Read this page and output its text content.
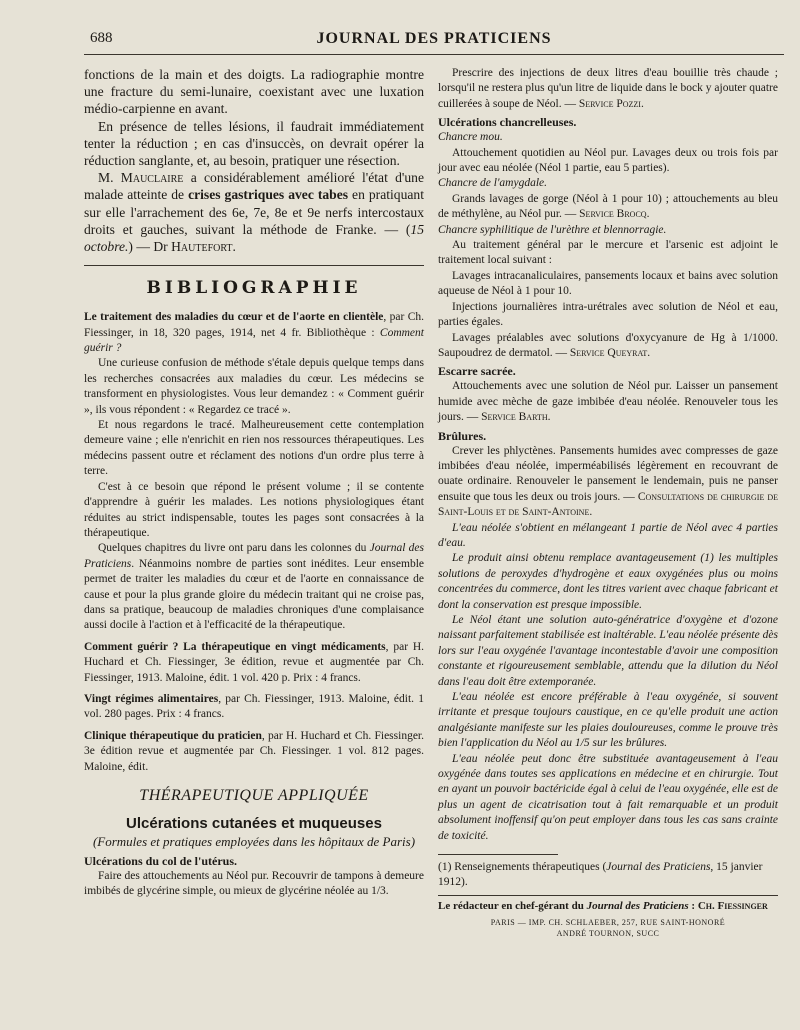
688	JOURNAL DES PRATICIENS

fonctions de la main et des doigts. La radiographie montre une fracture du semi-lunaire, coexistant avec une luxation médio-carpienne en avant.

En présence de telles lésions, il faudrait immédiatement tenter la réduction ; en cas d'insuccès, on devrait opérer la réduction sanglante, et, au besoin, pratiquer une résection.

M. Mauclaire a considérablement amélioré l'état d'une malade atteinte de crises gastriques avec tabes en pratiquant sur elle l'arrachement des 6e, 7e, 8e et 9e nerfs intercostaux droits et gauches, suivant la méthode de Franke. — (15 octobre.) — Dr Hautefort.

BIBLIOGRAPHIE

Le traitement des maladies du cœur et de l'aorte en clientèle, par Ch. Fiessinger, in 18, 320 pages, 1914, net 4 fr. Bibliothèque : Comment guérir ?

Une curieuse confusion de méthode s'étale depuis quelque temps dans les recherches consacrées aux maladies du cœur. Les médecins se transforment en physiologistes. Vous leur demandez : « Comment guérir », ils vous répondent : « Regardez ce tracé ».

Et nous regardons le tracé. Malheureusement cette contemplation demeure vaine ; elle n'enrichit en rien nos ressources thérapeutiques. Les médecins passent outre et réclament des notions d'un ordre plus terre à terre.

C'est à ce besoin que répond le présent volume ; il se contente d'apprendre à guérir les malades. Les notions physiologiques étant réduites au strict indispensable, toutes les pages sont consacrées à la thérapeutique.

Quelques chapitres du livre ont paru dans les colonnes du Journal des Praticiens. Néanmoins nombre de parties sont inédites. Leur ensemble permet de traiter les maladies du cœur et de l'aorte en connaissance de cause et pour la plus grande gloire du médecin traitant qui ne croise pas, dans sa pratique, beaucoup de maladies chroniques d'une complaisance aussi docile à l'action et à l'efficacité de la thérapeutique.

Comment guérir ? La thérapeutique en vingt médicaments, par H. Huchard et Ch. Fiessinger, 3e édition, revue et augmentée par Ch. Fiessinger, 1913. Maloine, édit. 1 vol. 420 p. Prix : 4 francs.

Vingt régimes alimentaires, par Ch. Fiessinger, 1913. Maloine, édit. 1 vol. 280 pages. Prix : 4 francs.

Clinique thérapeutique du praticien, par H. Huchard et Ch. Fiessinger. 3e édition revue et augmentée par Ch. Fiessinger. 1 vol. 812 pages. Maloine, édit.

THÉRAPEUTIQUE APPLIQUÉE
Ulcérations cutanées et muqueuses
(Formules et pratiques employées dans les hôpitaux de Paris)
Ulcérations du col de l'utérus.

Faire des attouchements au Néol pur. Recouvrir de tampons à demeure imbibés de glycérine simple, ou mieux de glycérine néolée au 1/3.

Prescrire des injections de deux litres d'eau bouillie très chaude ; lorsqu'il ne restera plus qu'un litre de liquide dans le bock y ajouter quatre cuillerées à soupe de Néol. — Service Pozzi.

Ulcérations chancrelleuses.
Chancre mou.

Attouchement quotidien au Néol pur. Lavages deux ou trois fois par jour avec eau néolée (Néol 1 partie, eau 5 parties).

Chancre de l'amygdale.

Grands lavages de gorge (Néol à 1 pour 10) ; attouchements au bleu de méthylène, au Néol pur. — Service Brocq.

Chancre syphilitique de l'urèthre et blennorragie.

Au traitement général par le mercure et l'arsenic est adjoint le traitement local suivant :

Lavages intracanaliculaires, pansements locaux et bains avec solution aqueuse de Néol à 1 pour 10.

Injections journalières intra-urétrales avec solution de Néol et eau, parties égales.

Lavages préalables avec solutions d'oxycyanure de Hg à 1/1000. Saupoudrez de dermatol. — Service Queyrat.

Escarre sacrée.

Attouchements avec une solution de Néol pur. Laisser un pansement humide avec mèche de gaze imbibée d'eau néolée. Renouveler tous les jours. — Service Barth.

Brûlures.

Crever les phlyctènes. Pansements humides avec compresses de gaze imbibées d'eau néolée, imperméabilisés légèrement en recouvrant de ouate ordinaire. Renouveler le pansement le lendemain, puis ne panser ensuite que tous les deux ou trois jours. — Consultations de chirurgie de Saint-Louis et de Saint-Antoine.

L'eau néolée s'obtient en mélangeant 1 partie de Néol avec 4 parties d'eau.

Le produit ainsi obtenu remplace avantageusement (1) les multiples solutions de peroxydes d'hydrogène et eaux oxygénées plus ou moins concentrées du commerce, dont les titres varient avec chaque fabricant et dont la conservation est presque impossible.

Le Néol étant une solution auto-génératrice d'oxygène et d'ozone naissant parfaitement stabilisée est inaltérable. L'eau néolée présente dès lors sur l'eau oxygénée l'avantage incontestable d'avoir une composition constante et rigoureusement semblable, attendu que la dilution du Néol dans l'eau doit être extemporanée.

L'eau néolée est encore préférable à l'eau oxygénée, si souvent irritante et presque toujours caustique, en ce qu'elle produit une action analgésiante manifeste sur les plaies douloureuses, comme le prouve très bien l'application du Néol au 1/5 sur les brûlures.

L'eau néolée peut donc être substituée avantageusement à l'eau oxygénée dans toutes ses applications en médecine et en chirurgie. Tout en ayant un pouvoir bactéricide égal à celui de l'eau oxygénée, elle est de plus un agent de cicatrisation tout à fait remarquable et un produit absolument inoffensif qu'on peut employer dans tous les cas sans crainte de toxicité.

(1) Renseignements thérapeutiques (Journal des Praticiens, 15 janvier 1912).

Le rédacteur en chef-gérant du Journal des Praticiens : Ch. Fiessinger
PARIS — IMP. CH. SCHLAEBER, 257, RUE SAINT-HONORÉ
ANDRÉ TOURNON, SUCC
